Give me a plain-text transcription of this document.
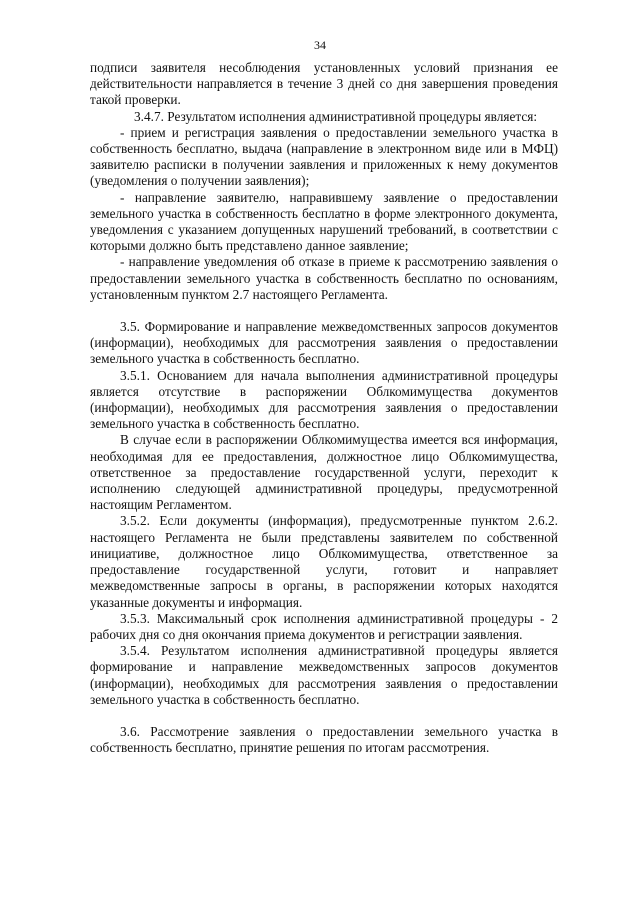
34

подписи заявителя несоблюдения установленных условий признания ее действительности направляется в течение 3 дней со дня завершения проведения такой проверки.

3.4.7. Результатом исполнения административной процедуры является:

- прием и регистрация заявления о предоставлении земельного участка в собственность бесплатно, выдача (направление в электронном виде или в МФЦ) заявителю расписки в получении заявления и приложенных к нему документов (уведомления о получении заявления);

- направление заявителю, направившему заявление о предоставлении земельного участка в собственность бесплатно в форме электронного документа, уведомления с указанием допущенных нарушений требований, в соответствии с которыми должно быть представлено данное заявление;

- направление уведомления об отказе в приеме к рассмотрению заявления о предоставлении земельного участка в собственность бесплатно по основаниям, установленным пунктом 2.7 настоящего Регламента.

3.5. Формирование и направление межведомственных запросов документов (информации), необходимых для рассмотрения заявления о предоставлении земельного участка в собственность бесплатно.

3.5.1. Основанием для начала выполнения административной процедуры является отсутствие в распоряжении Облкомимущества документов (информации), необходимых для рассмотрения заявления о предоставлении земельного участка в собственность бесплатно.

В случае если в распоряжении Облкомимущества имеется вся информация, необходимая для ее предоставления, должностное лицо Облкомимущества, ответственное за предоставление государственной услуги, переходит к исполнению следующей административной процедуры, предусмотренной настоящим Регламентом.

3.5.2. Если документы (информация), предусмотренные пунктом 2.6.2. настоящего Регламента не были представлены заявителем по собственной инициативе, должностное лицо Облкомимущества, ответственное за предоставление государственной услуги, готовит и направляет межведомственные запросы в органы, в распоряжении которых находятся указанные документы и информация.

3.5.3. Максимальный срок исполнения административной процедуры - 2 рабочих дня со дня окончания приема документов и регистрации заявления.

3.5.4. Результатом исполнения административной процедуры является формирование и направление межведомственных запросов документов (информации), необходимых для рассмотрения заявления о предоставлении земельного участка в собственность бесплатно.

3.6. Рассмотрение заявления о предоставлении земельного участка в собственность бесплатно, принятие решения по итогам рассмотрения.
